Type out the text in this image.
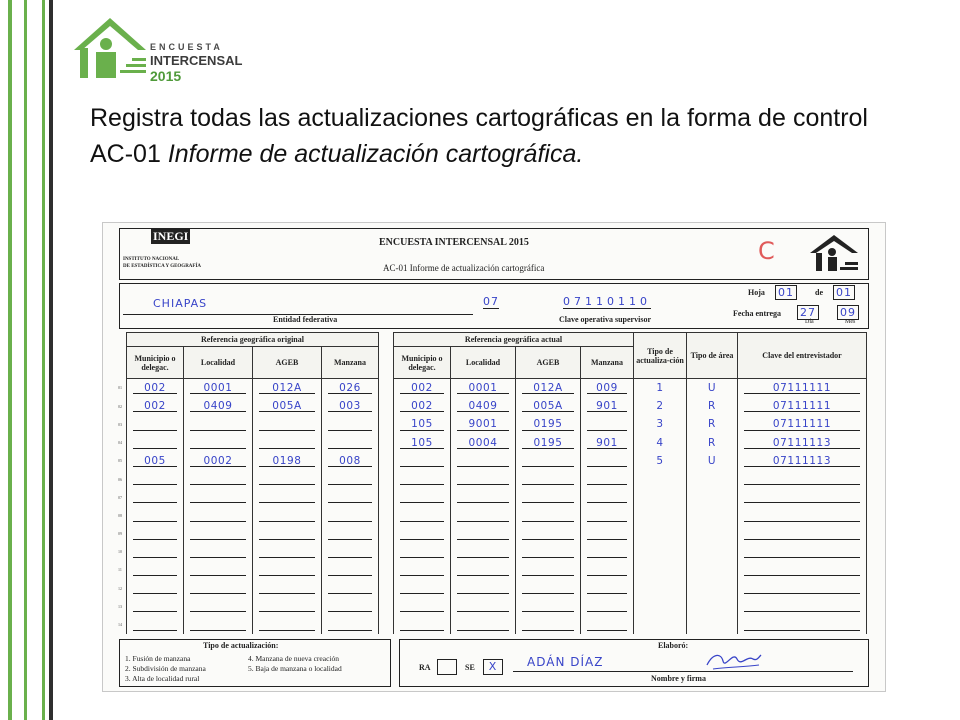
ENCUESTA
INTERCENSAL
2015
Registra todas las actualizaciones cartográficas en la forma de control AC-01 Informe de actualización cartográfica.
INEGI
INSTITUTO NACIONAL
DE ESTADÍSTICA Y GEOGRAFÍA
ENCUESTA INTERCENSAL 2015
AC-01 Informe de actualización cartográfica
C
CHIAPAS	07
Entidad federativa
07110110
Clave operativa supervisor
Hoja 01	de 01
Fecha entrega 27 09
Día	Mes
	Referencia geográfica original					Referencia geográfica actual				Tipo de actualiza-ción	Tipo de área	Clave del entrevistador
	Municipio o delegac.	Localidad	AGEB	Manzana		Municipio o delegac.	Localidad	AGEB	Manzana			
01	002	0001	012A	026		002	0001	012A	009	1	U	07111111
02	002	0409	005A	003		002	0409	005A	901	2	R	07111111
03						105	9001	0195		3	R	07111111
04						105	0004	0195	901	4	R	07111113
05	005	0002	0198	008						5	U	07111113
06												
07												
08												
09												
10												
11												
12												
13												
14												
Tipo de actualización:
1. Fusión de manzana
2. Subdivisión de manzana
3. Alta de localidad rural
4. Manzana de nueva creación
5. Baja de manzana o localidad
Elaboró:
RA	SE	X	ADÁN DÍAZ
Nombre y firma
